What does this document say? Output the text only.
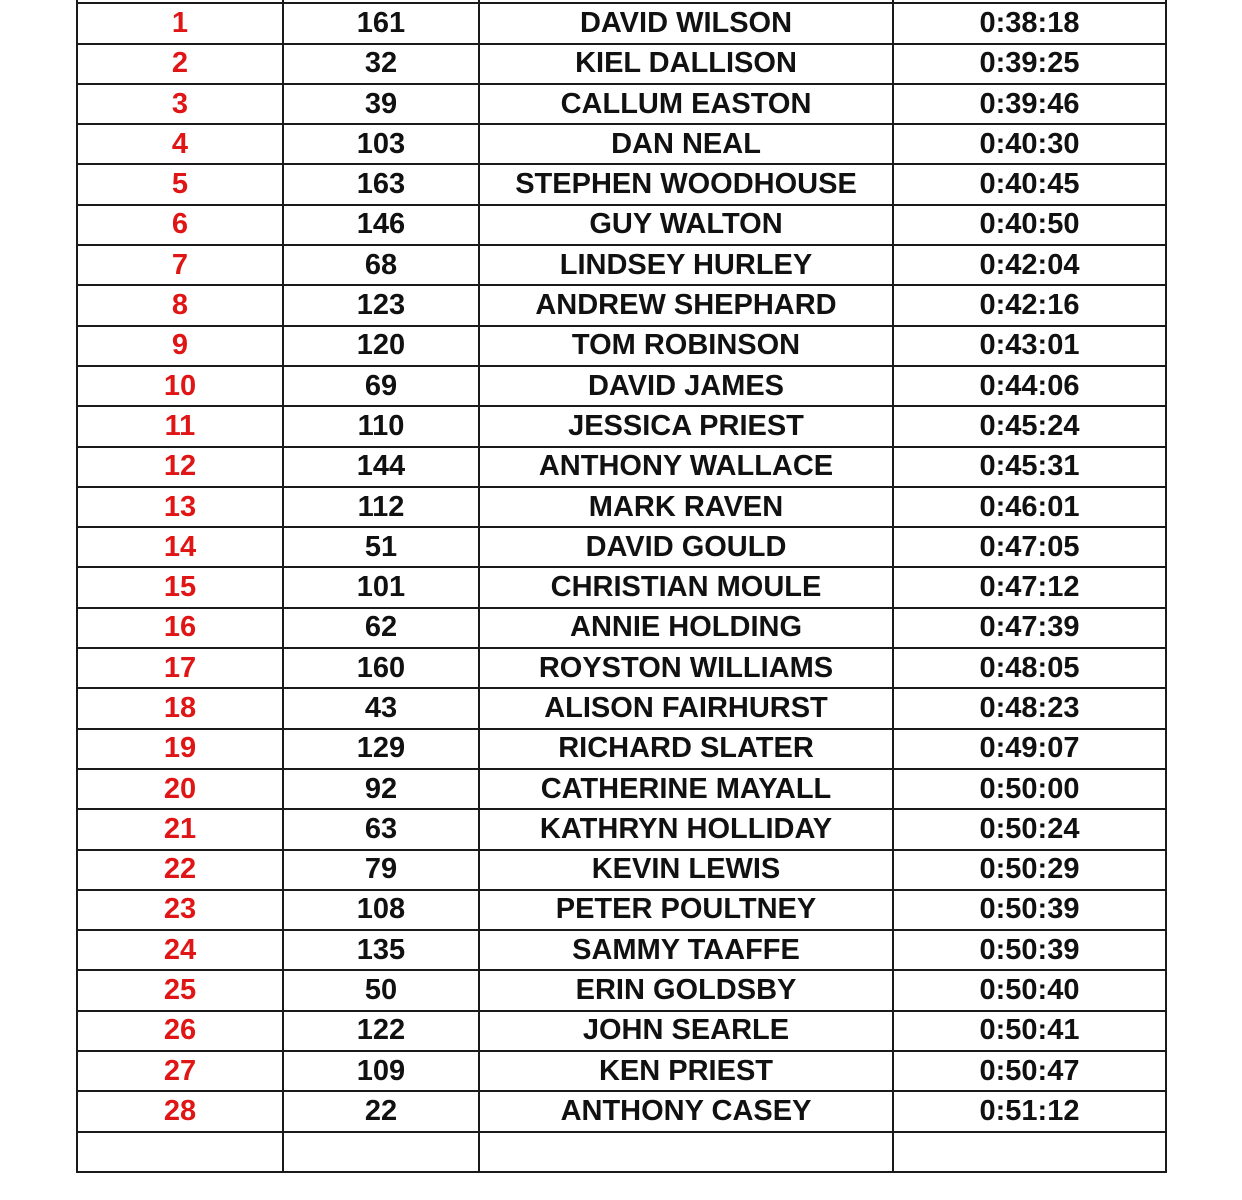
1	161	DAVID WILSON	0:38:18
2	32	KIEL DALLISON	0:39:25
3	39	CALLUM EASTON	0:39:46
4	103	DAN NEAL	0:40:30
5	163	STEPHEN WOODHOUSE	0:40:45
6	146	GUY WALTON	0:40:50
7	68	LINDSEY HURLEY	0:42:04
8	123	ANDREW SHEPHARD	0:42:16
9	120	TOM ROBINSON	0:43:01
10	69	DAVID JAMES	0:44:06
11	110	JESSICA PRIEST	0:45:24
12	144	ANTHONY WALLACE	0:45:31
13	112	MARK RAVEN	0:46:01
14	51	DAVID GOULD	0:47:05
15	101	CHRISTIAN MOULE	0:47:12
16	62	ANNIE HOLDING	0:47:39
17	160	ROYSTON WILLIAMS	0:48:05
18	43	ALISON FAIRHURST	0:48:23
19	129	RICHARD SLATER	0:49:07
20	92	CATHERINE MAYALL	0:50:00
21	63	KATHRYN HOLLIDAY	0:50:24
22	79	KEVIN LEWIS	0:50:29
23	108	PETER POULTNEY	0:50:39
24	135	SAMMY TAAFFE	0:50:39
25	50	ERIN GOLDSBY	0:50:40
26	122	JOHN SEARLE	0:50:41
27	109	KEN PRIEST	0:50:47
28	22	ANTHONY CASEY	0:51:12
